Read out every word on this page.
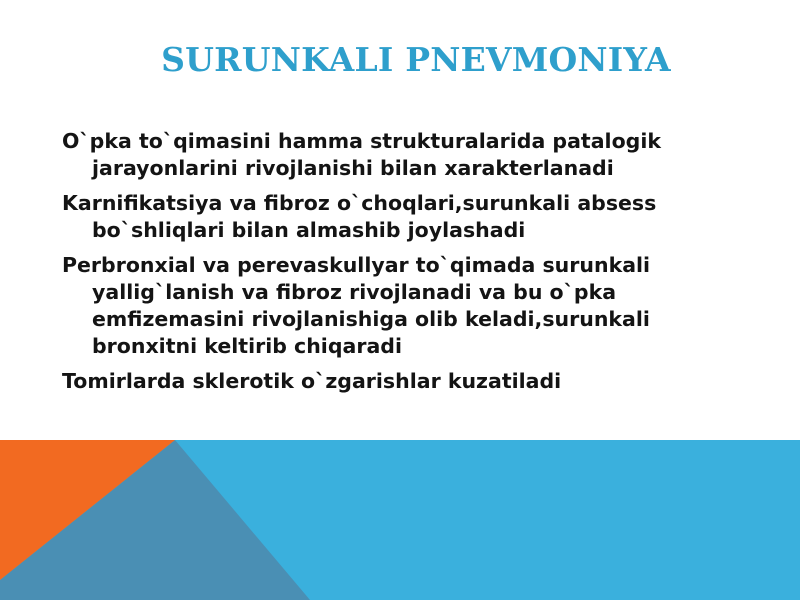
SURUNKALI PNEVMONIYA

O`pka to`qimasini hamma strukturalarida patalogik jarayonlarini rivojlanishi bilan xarakterlanadi

Karnifikatsiya va fibroz o`choqlari,surunkali absess bo`shliqlari bilan almashib joylashadi

Perbronxial va perevaskullyar to`qimada surunkali yallig`lanish va fibroz rivojlanadi va bu o`pka emfizemasini rivojlanishiga olib keladi,surunkali bronxitni keltirib chiqaradi

Tomirlarda sklerotik o`zgarishlar kuzatiladi
